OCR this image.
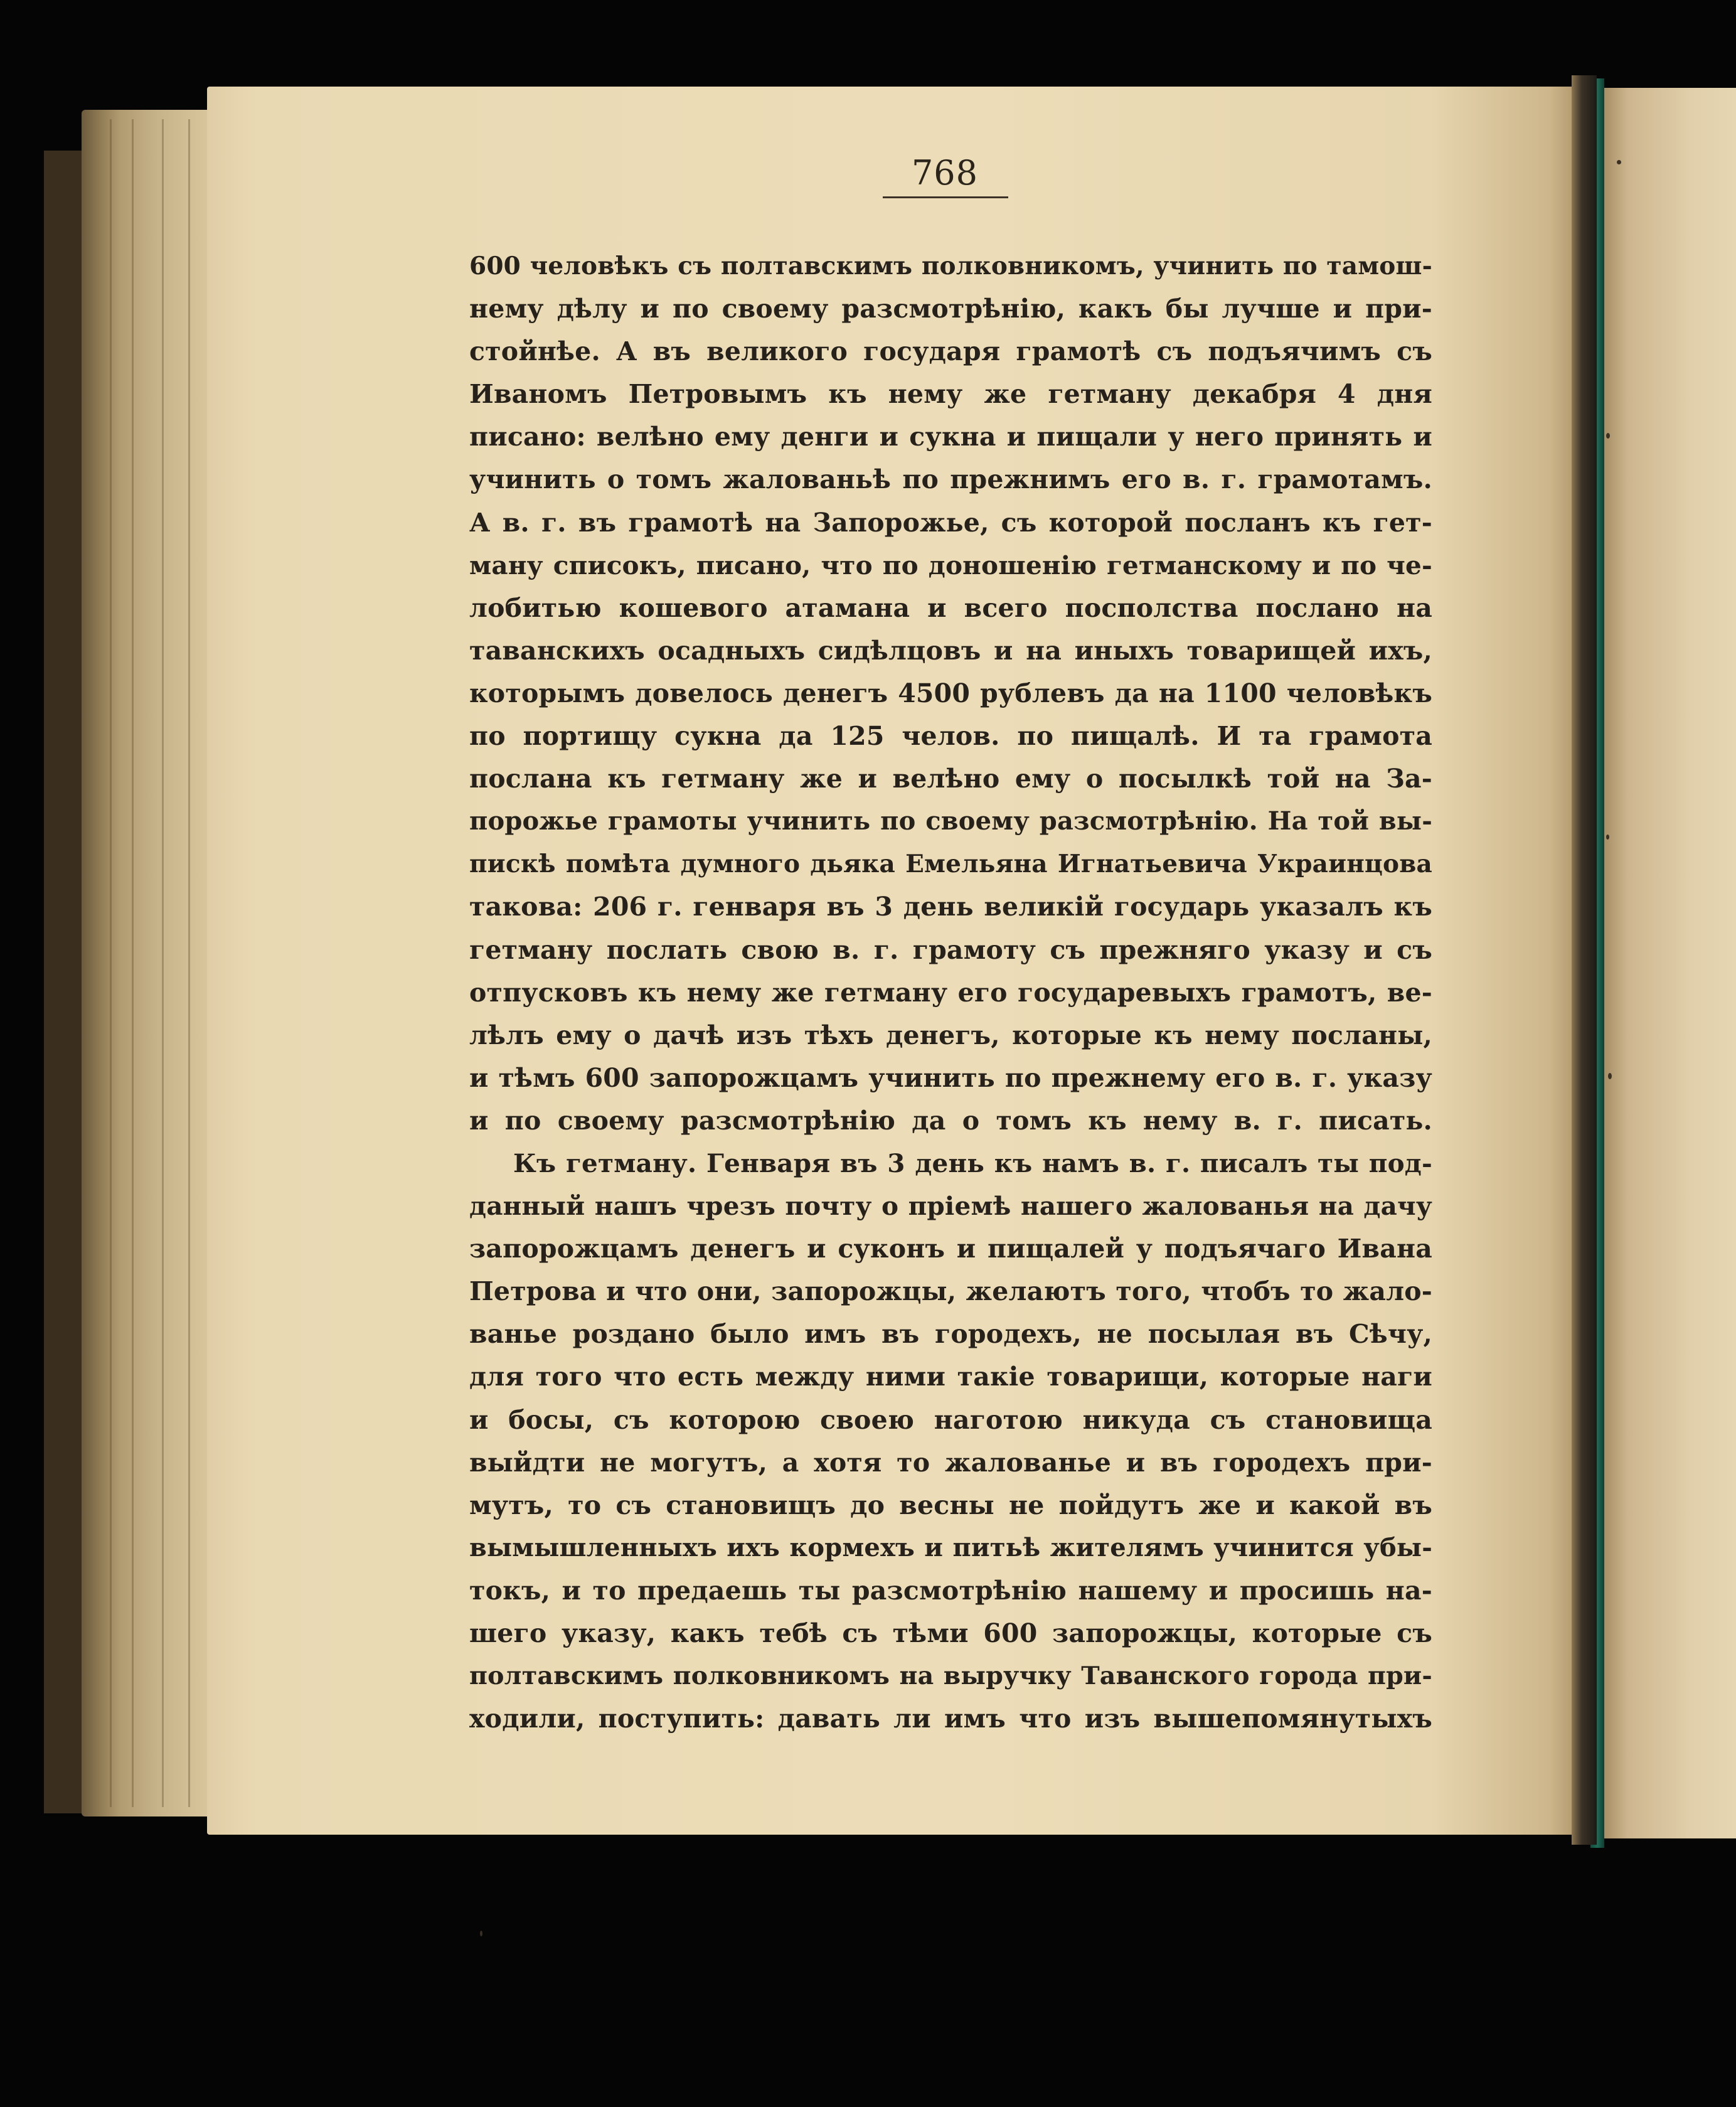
768
600 человѣкъ съ полтавскимъ полковникомъ, учинить по тамош-
нему дѣлу и по своему разсмотрѣнію, какъ бы лучше и при-
стойнѣе. А въ великого государя грамотѣ съ подъячимъ съ
Иваномъ Петровымъ къ нему же гетману декабря 4 дня
писано: велѣно ему денги и сукна и пищали у него принять и
учинить о томъ жалованьѣ по прежнимъ его в. г. грамотамъ.
А в. г. въ грамотѣ на Запорожье, съ которой посланъ къ гет-
ману списокъ, писано, что по доношенію гетманскому и по че-
лобитью кошевого атамана и всего посполства послано на
таванскихъ осадныхъ сидѣлцовъ и на иныхъ товарищей ихъ,
которымъ довелось денегъ 4500 рублевъ да на 1100 человѣкъ
по портищу сукна да 125 челов. по пищалѣ. И та грамота
послана къ гетману же и велѣно ему о посылкѣ той на За-
порожье грамоты учинить по своему разсмотрѣнію. На той вы-
пискѣ помѣта думного дьяка Емельяна Игнатьевича Украинцова
такова: 206 г. генваря въ 3 день великій государь указалъ къ
гетману послать свою в. г. грамоту съ прежняго указу и съ
отпусковъ къ нему же гетману его государевыхъ грамотъ, ве-
лѣлъ ему о дачѣ изъ тѣхъ денегъ, которые къ нему посланы,
и тѣмъ 600 запорожцамъ учинить по прежнему его в. г. указу
и по своему разсмотрѣнію да о томъ къ нему в. г. писать.
Къ гетману. Генваря въ 3 день къ намъ в. г. писалъ ты под-
данный нашъ чрезъ почту о пріемѣ нашего жалованья на дачу
запорожцамъ денегъ и суконъ и пищалей у подъячаго Ивана
Петрова и что они, запорожцы, желаютъ того, чтобъ то жало-
ванье роздано было имъ въ городехъ, не посылая въ Сѣчу,
для того что есть между ними такіе товарищи, которые наги
и босы, съ которою своею наготою никуда съ становища
выйдти не могутъ, а хотя то жалованье и въ городехъ при-
мутъ, то съ становищъ до весны не пойдутъ же и какой въ
вымышленныхъ ихъ кормехъ и питьѣ жителямъ учинится убы-
токъ, и то предаешь ты разсмотрѣнію нашему и просишь на-
шего указу, какъ тебѣ съ тѣми 600 запорожцы, которые съ
полтавскимъ полковникомъ на выручку Таванского города при-
ходили, поступить: давать ли имъ что изъ вышепомянутыхъ
